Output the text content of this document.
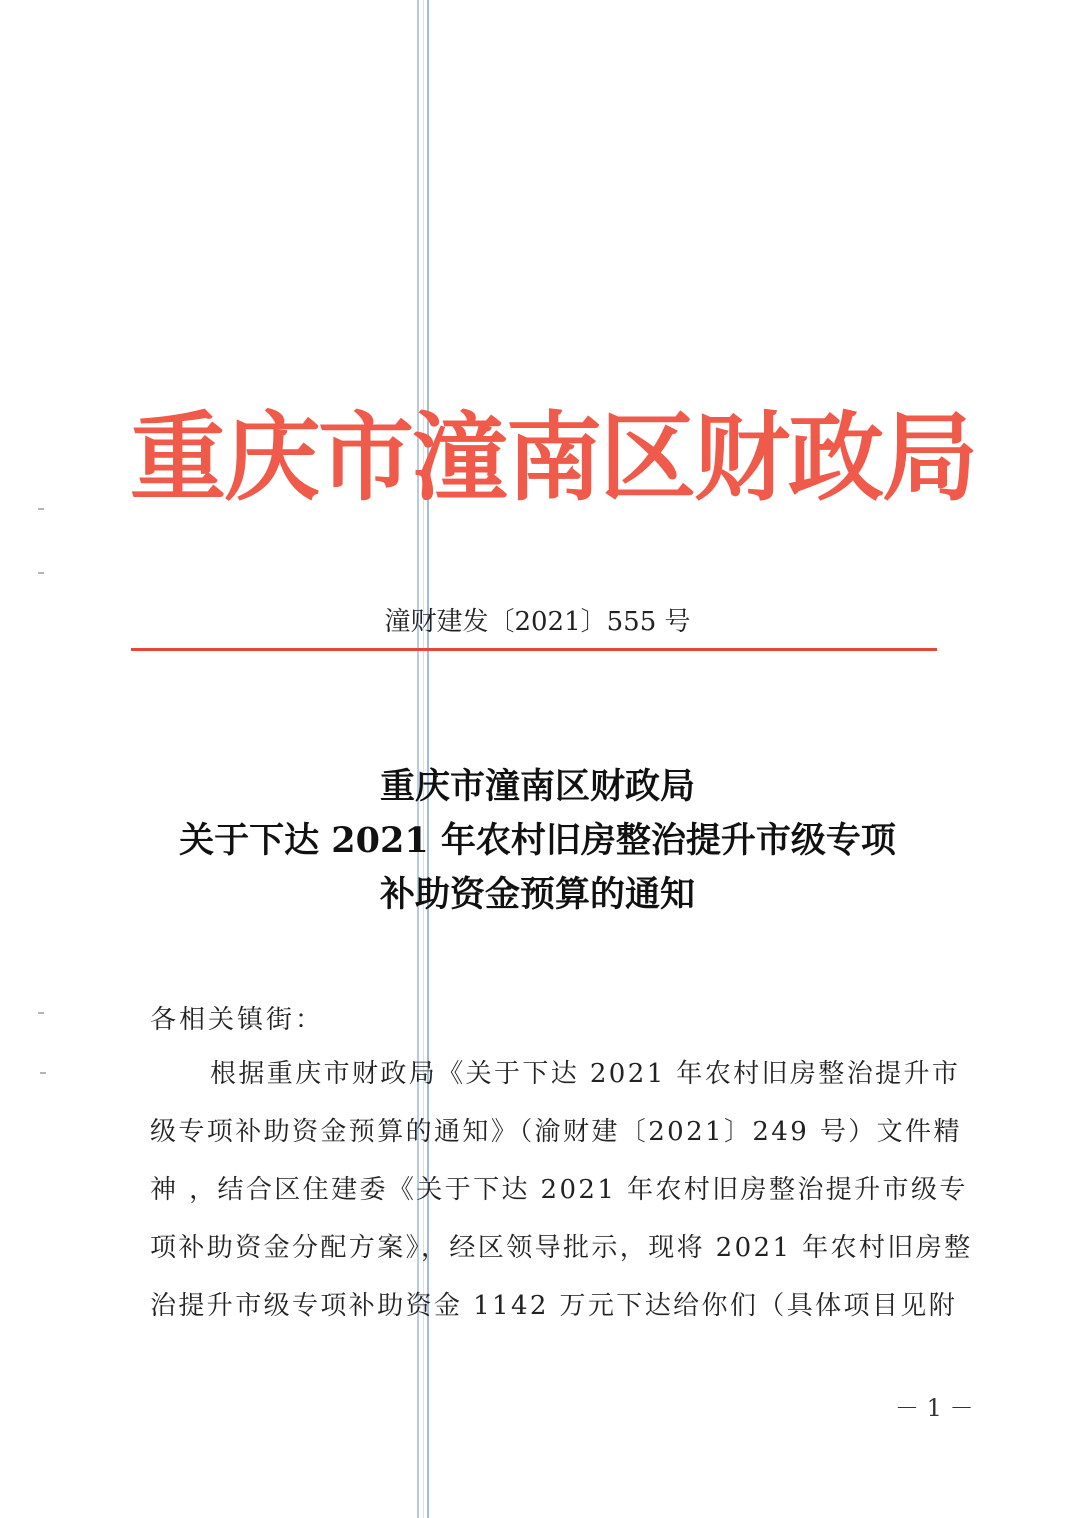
重庆市潼南区财政局
潼财建发〔2021〕555 号
重庆市潼南区财政局
关于下达 2021 年农村旧房整治提升市级专项
补助资金预算的通知
各相关镇街：
根据重庆市财政局《关于下达 2021 年农村旧房整治提升市
级专项补助资金预算的通知》（渝财建〔2021〕249 号）文件精
神 ，结合区住建委《关于下达 2021 年农村旧房整治提升市级专
项补助资金分配方案》，经区领导批示，现将 2021 年农村旧房整
治提升市级专项补助资金 1142 万元下达给你们（具体项目见附
－ 1 －
